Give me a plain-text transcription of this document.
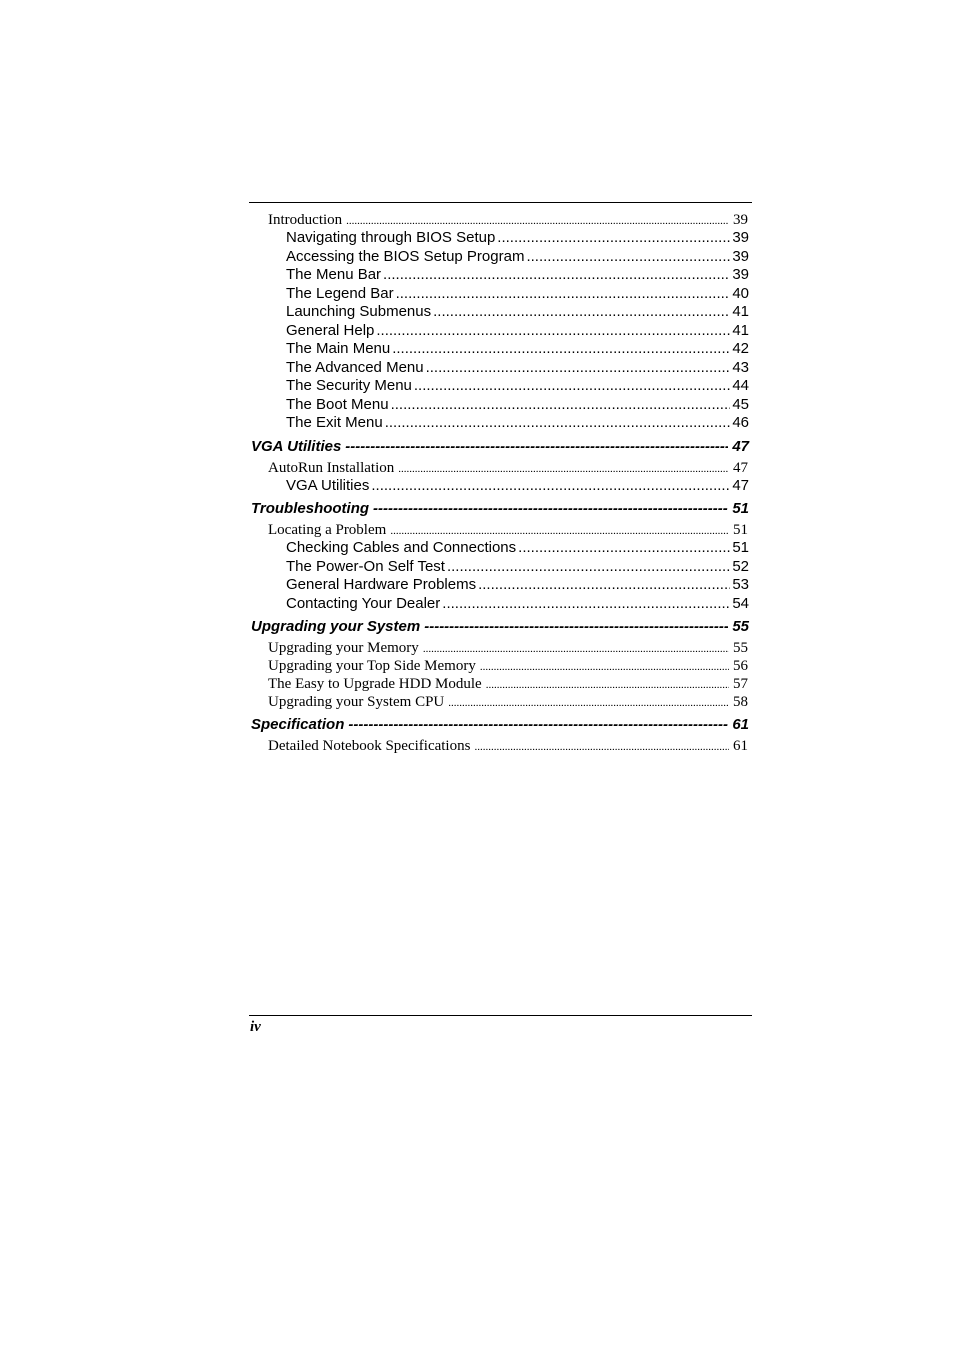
Introduction .....	39
Navigating through BIOS Setup .....	39
Accessing the BIOS Setup Program .....	39
The Menu Bar .....	39
The Legend Bar .....	40
Launching Submenus .....	41
General Help .....	41
The Main Menu .....	42
The Advanced Menu .....	43
The Security Menu .....	44
The Boot Menu .....	45
The Exit Menu .....	46
VGA Utilities -----	47
AutoRun Installation .....	47
VGA Utilities .....	47
Troubleshooting -----	51
Locating a Problem .....	51
Checking Cables and Connections .....	51
The Power-On Self Test .....	52
General Hardware Problems .....	53
Contacting Your Dealer .....	54
Upgrading your System -----	55
Upgrading your Memory .....	55
Upgrading your Top Side Memory .....	56
The Easy to Upgrade HDD Module .....	57
Upgrading your System CPU .....	58
Specification -----	61
Detailed Notebook Specifications .....	61
iv
